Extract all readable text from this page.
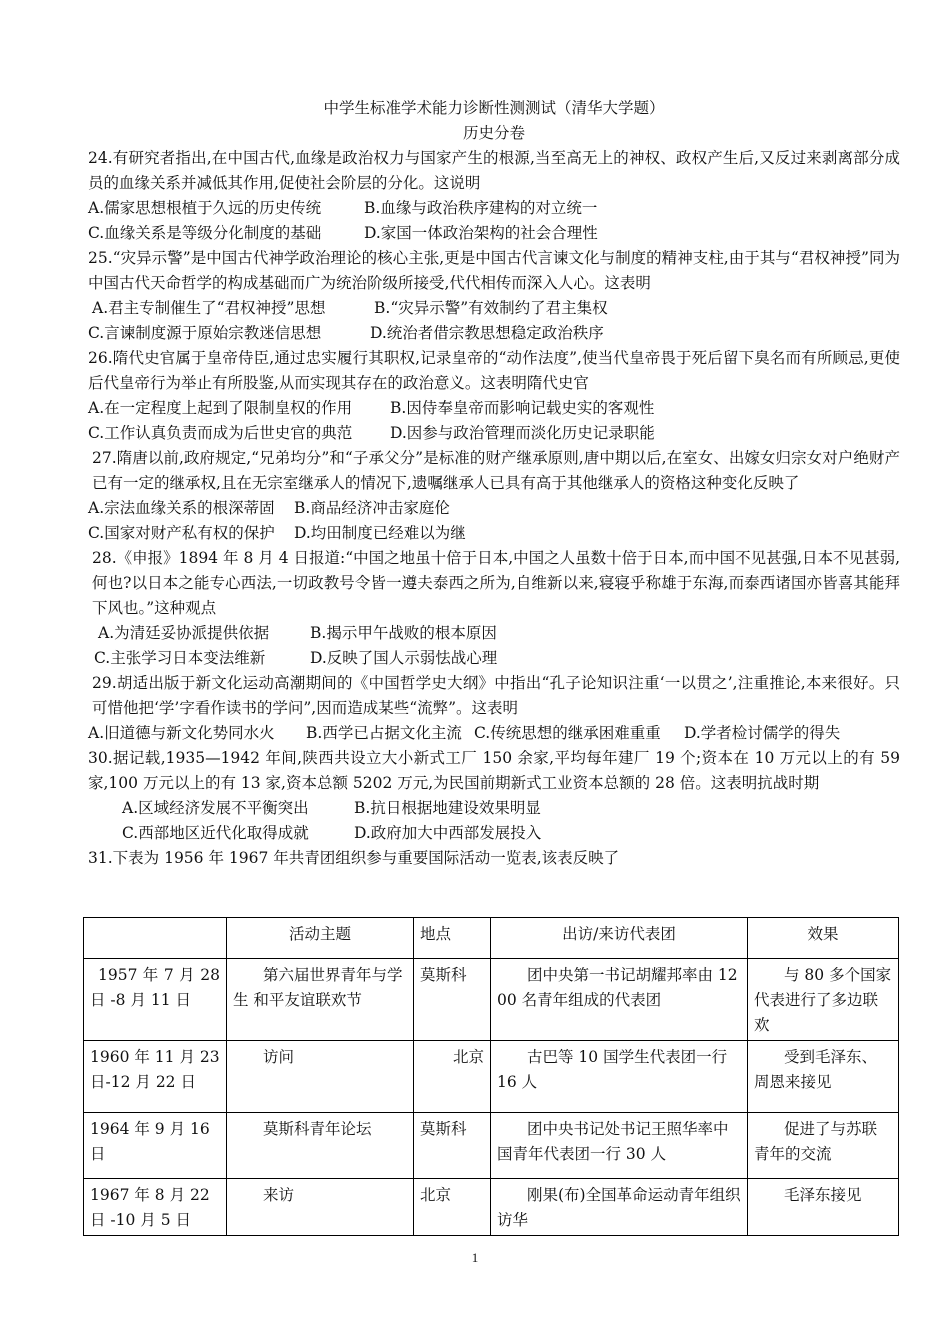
中学生标准学术能力诊断性测测试（清华大学题）
历史分卷

24.有研究者指出,在中国古代,血缘是政治权力与国家产生的根源,当至高无上的神权、政权产生后,又反过来剥离部分成员的血缘关系并减低其作用,促使社会阶层的分化。这说明

A.儒家思想根植于久远的历史传统	B.血缘与政治秩序建构的对立统一
C.血缘关系是等级分化制度的基础	D.家国一体政治架构的社会合理性

25.“灾异示警”是中国古代神学政治理论的核心主张,更是中国古代言谏文化与制度的精神支柱,由于其与“君权神授”同为中国古代天命哲学的构成基础而广为统治阶级所接受,代代相传而深入人心。这表明

A.君主专制催生了“君权神授”思想	B.“灾异示警”有效制约了君主集权
C.言谏制度源于原始宗教迷信思想	D.统治者借宗教思想稳定政治秩序

26.隋代史官属于皇帝侍臣,通过忠实履行其职权,记录皇帝的“动作法度”,使当代皇帝畏于死后留下臭名而有所顾忌,更使后代皇帝行为举止有所股鉴,从而实现其存在的政治意义。这表明隋代史官

A.在一定程度上起到了限制皇权的作用	B.因侍奉皇帝而影响记载史实的客观性
C.工作认真负责而成为后世史官的典范	D.因参与政治管理而淡化历史记录职能

27.隋唐以前,政府规定,“兄弟均分”和“子承父分”是标准的财产继承原则,唐中期以后,在室女、出嫁女归宗女对户绝财产已有一定的继承权,且在无宗室继承人的情况下,遗嘱继承人已具有高于其他继承人的资格这种变化反映了

A.宗法血缘关系的根深蒂固	B.商品经济冲击家庭伦
C.国家对财产私有权的保护	D.均田制度已经难以为继

28.《申报》1894 年 8 月 4 日报道:“中国之地虽十倍于日本,中国之人虽数十倍于日本,而中国不见甚强,日本不见甚弱,何也?以日本之能专心西法,一切政教号令皆一遵夫泰西之所为,自维新以来,寝寝乎称雄于东海,而泰西诸国亦皆喜其能拜下风也。”这种观点

A.为清廷妥协派提供依据	B.揭示甲午战败的根本原因
C.主张学习日本变法维新	D.反映了国人示弱怯战心理

29.胡适出版于新文化运动高潮期间的《中国哲学史大纲》中指出“孔子论知识注重‘一以贯之’,注重推论,本来很好。只可惜他把‘学’字看作读书的学问”,因而造成某些“流弊”。这表明

A.旧道德与新文化势同水火	B.西学已占据文化主流 C.传统思想的继承困难重重	D.学者检讨儒学的得失

30.据记载,1935—1942 年间,陕西共设立大小新式工厂 150 余家,平均每年建厂 19 个;资本在 10 万元以上的有 59 家,100 万元以上的有 13 家,资本总额 5202 万元,为民国前期新式工业资本总额的 28 倍。这表明抗战时期

A.区域经济发展不平衡突出	B.抗日根据地建设效果明显
C.西部地区近代化取得成就	D.政府加大中西部发展投入

31.下表为 1956 年 1967 年共青团组织参与重要国际活动一览表,该表反映了

	活动主题	地点	出访/来访代表团	效果
1957 年 7 月 28 日 -8 月 11 日	第六届世界青年与学生 和平友谊联欢节	莫斯科	团中央第一书记胡耀邦率由 1200 名青年组成的代表团	与 80 多个国家代表进行了多边联欢
1960 年 11 月 23 日-12 月 22 日	访问	北京	古巴等 10 国学生代表团一行 16 人	受到毛泽东、周恩来接见
1964 年 9 月 16 日	莫斯科青年论坛	莫斯科	团中央书记处书记王照华率中国青年代表团一行 30 人	促进了与苏联青年的交流
1967 年 8 月 22 日 -10 月 5 日	来访	北京	刚果(布)全国革命运动青年组织访华	毛泽东接见
1
